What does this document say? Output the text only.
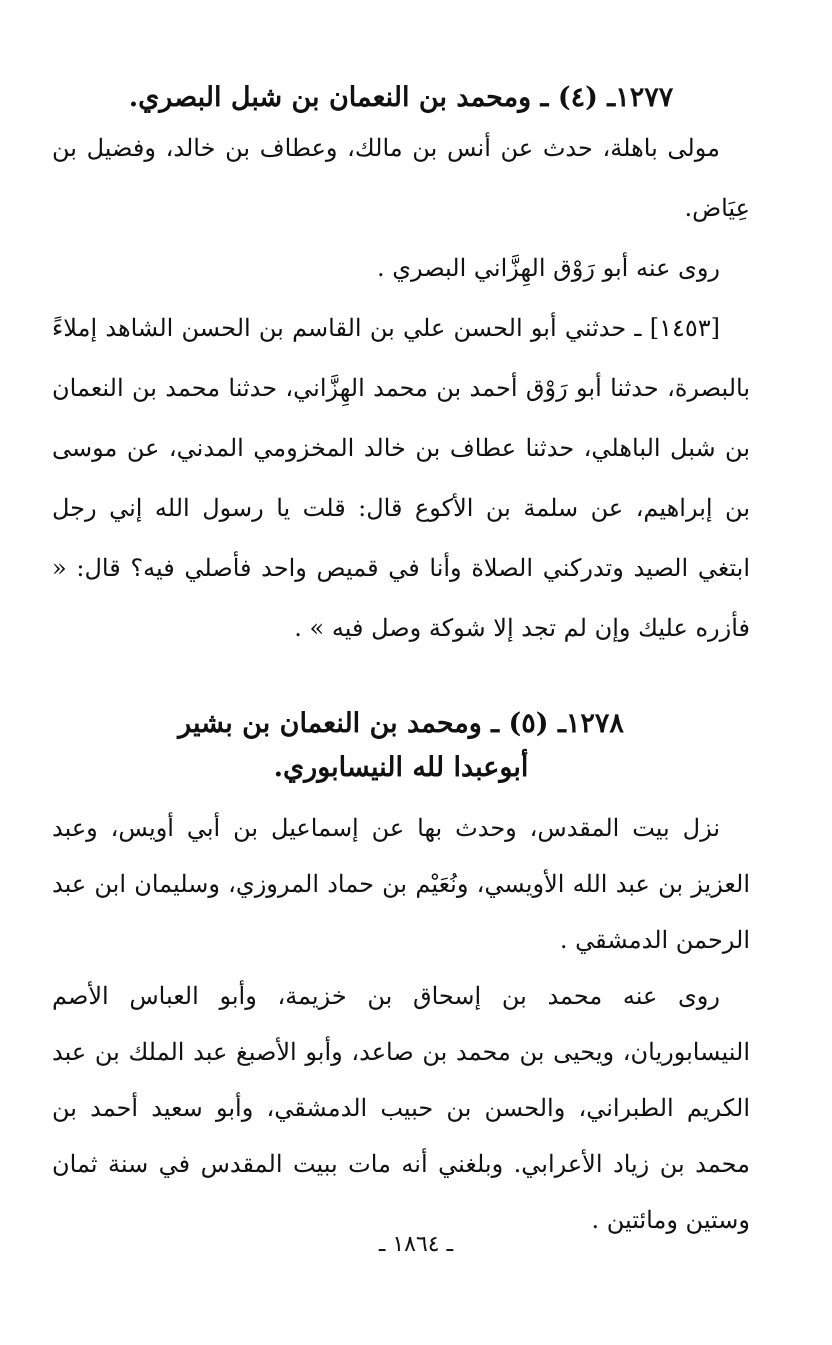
١٢٧٧ـ (٤) ـ ومحمد بن النعمان بن شبل البصري.

مولى باهلة، حدث عن أنس بن مالك، وعطاف بن خالد، وفضيل بن عِيَاض.

روى عنه أبو رَوْق الهِزَّاني البصري .

[١٤٥٣] ـ حدثني أبو الحسن علي بن القاسم بن الحسن الشاهد إملاءً بالبصرة، حدثنا أبو رَوْق أحمد بن محمد الهِزَّاني، حدثنا محمد بن النعمان بن شبل الباهلي، حدثنا عطاف بن خالد المخزومي المدني، عن موسى بن إبراهيم، عن سلمة بن الأكوع قال: قلت يا رسول الله إني رجل ابتغي الصيد وتدركني الصلاة وأنا في قميص واحد فأصلي فيه؟ قال: « فأزره عليك وإن لم تجد إلا شوكة وصل فيه » .

١٢٧٨ـ (٥) ـ ومحمد بن النعمان بن بشير
أبوعبدا لله النيسابوري.

نزل بيت المقدس، وحدث بها عن إسماعيل بن أبي أويس، وعبد العزيز بن عبد الله الأويسي، ونُعَيْم بن حماد المروزي، وسليمان ابن عبد الرحمن الدمشقي .

روى عنه محمد بن إسحاق بن خزيمة، وأبو العباس الأصم النيسابوريان، ويحيى بن محمد بن صاعد، وأبو الأصبغ عبد الملك بن عبد الكريم الطبراني، والحسن بن حبيب الدمشقي، وأبو سعيد أحمد بن محمد بن زياد الأعرابي. وبلغني أنه مات ببيت المقدس في سنة ثمان وستين ومائتين .

ـ ١٨٦٤ ـ
